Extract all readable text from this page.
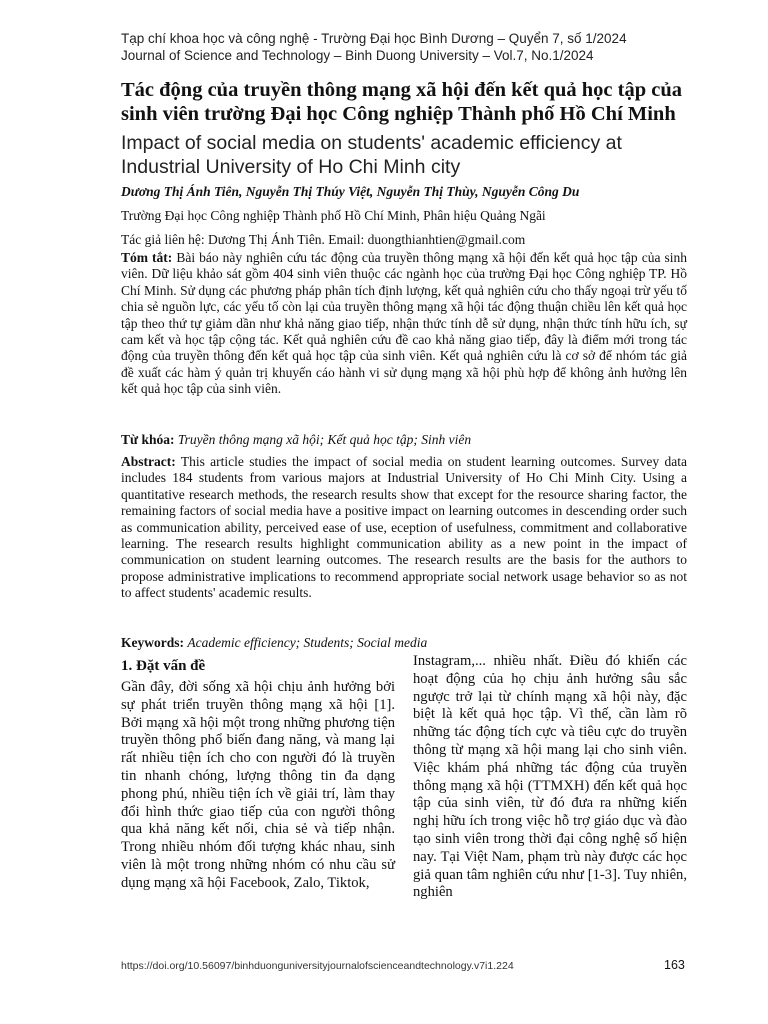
Tạp chí khoa học và công nghệ - Trường Đại học Bình Dương – Quyển 7, số 1/2024
Journal of Science and Technology – Binh Duong University – Vol.7, No.1/2024
Tác động của truyền thông mạng xã hội đến kết quả học tập của sinh viên trường Đại học Công nghiệp Thành phố Hồ Chí Minh
Impact of social media on students' academic efficiency at Industrial University of Ho Chi Minh city
Dương Thị Ánh Tiên, Nguyễn Thị Thúy Việt, Nguyễn Thị Thùy, Nguyễn Công Du
Trường Đại học Công nghiệp Thành phố Hồ Chí Minh, Phân hiệu Quảng Ngãi
Tác giả liên hệ: Dương Thị Ánh Tiên. Email: duongthianhtien@gmail.com
Tóm tắt: Bài báo này nghiên cứu tác động của truyền thông mạng xã hội đến kết quả học tập của sinh viên. Dữ liệu khảo sát gồm 404 sinh viên thuộc các ngành học của trường Đại học Công nghiệp TP. Hồ Chí Minh. Sử dụng các phương pháp phân tích định lượng, kết quả nghiên cứu cho thấy ngoại trừ yếu tố chia sẻ nguồn lực, các yếu tố còn lại của truyền thông mạng xã hội tác động thuận chiều lên kết quả học tập theo thứ tự giảm dần như khả năng giao tiếp, nhận thức tính dễ sử dụng, nhận thức tính hữu ích, sự cam kết và học tập cộng tác. Kết quả nghiên cứu đề cao khả năng giao tiếp, đây là điểm mới trong tác động của truyền thông đến kết quả học tập của sinh viên. Kết quả nghiên cứu là cơ sở để nhóm tác giả đề xuất các hàm ý quản trị khuyến cáo hành vi sử dụng mạng xã hội phù hợp để không ảnh hưởng lên kết quả học tập của sinh viên.
Từ khóa: Truyền thông mạng xã hội; Kết quả học tập; Sinh viên
Abstract: This article studies the impact of social media on student learning outcomes. Survey data includes 184 students from various majors at Industrial University of Ho Chi Minh City. Using a quantitative research methods, the research results show that except for the resource sharing factor, the remaining factors of social media have a positive impact on learning outcomes in descending order such as communication ability, perceived ease of use, eception of usefulness, commitment and collaborative learning. The research results highlight communication ability as a new point in the impact of communication on student learning outcomes. The research results are the basis for the authors to propose administrative implications to recommend appropriate social network usage behavior so as not to affect students' academic results.
Keywords: Academic efficiency; Students; Social media
1. Đặt vấn đề
Gần đây, đời sống xã hội chịu ảnh hưởng bởi sự phát triển truyền thông mạng xã hội [1]. Bởi mạng xã hội một trong những phương tiện truyền thông phổ biến đang năng, và mang lại rất nhiều tiện ích cho con người đó là truyền tin nhanh chóng, lượng thông tin đa dạng phong phú, nhiều tiện ích về giải trí, làm thay đổi hình thức giao tiếp của con người thông qua khả năng kết nối, chia sẻ và tiếp nhận. Trong nhiều nhóm đối tượng khác nhau, sinh viên là một trong những nhóm có nhu cầu sử dụng mạng xã hội Facebook, Zalo, Tiktok,
Instagram,... nhiều nhất. Điều đó khiến các hoạt động của họ chịu ảnh hưởng sâu sắc ngược trở lại từ chính mạng xã hội này, đặc biệt là kết quả học tập. Vì thế, cần làm rõ những tác động tích cực và tiêu cực do truyền thông từ mạng xã hội mang lại cho sinh viên. Việc khám phá những tác động của truyền thông mạng xã hội (TTMXH) đến kết quả học tập của sinh viên, từ đó đưa ra những kiến nghị hữu ích trong việc hỗ trợ giáo dục và đào tạo sinh viên trong thời đại công nghệ số hiện nay. Tại Việt Nam, phạm trù này được các học giả quan tâm nghiên cứu như [1-3]. Tuy nhiên, nghiên
https://doi.org/10.56097/binhduonguniversityjournalofscienceandtechnology.v7i1.224	163
